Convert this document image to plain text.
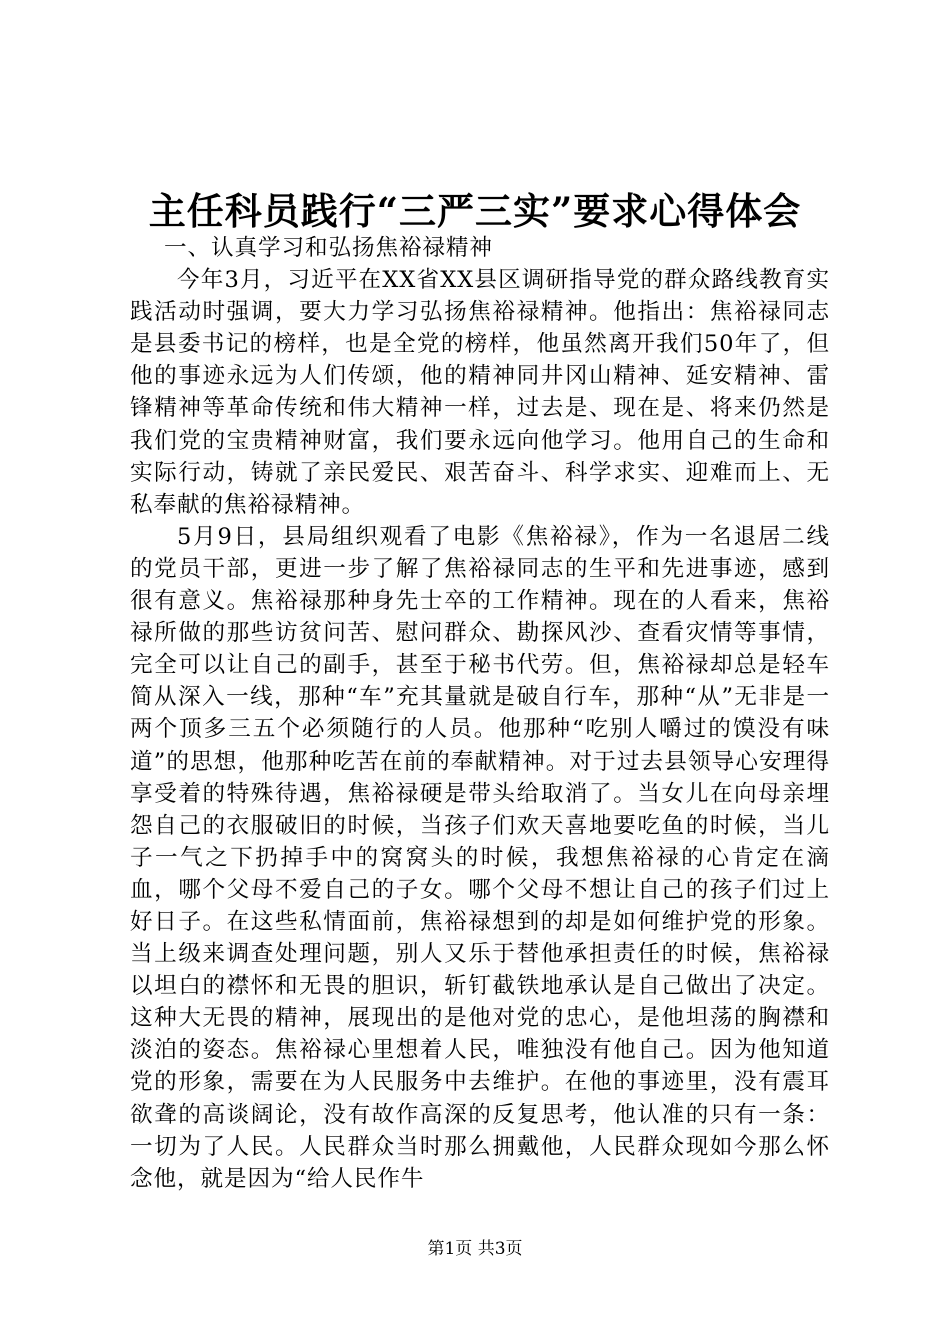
主任科员践行“三严三实”要求心得体会

一、认真学习和弘扬焦裕禄精神

今年3月，习近平在XX省XX县区调研指导党的群众路线教育实践活动时强调，要大力学习弘扬焦裕禄精神。他指出：焦裕禄同志是县委书记的榜样，也是全党的榜样，他虽然离开我们50年了，但他的事迹永远为人们传颂，他的精神同井冈山精神、延安精神、雷锋精神等革命传统和伟大精神一样，过去是、现在是、将来仍然是我们党的宝贵精神财富，我们要永远向他学习。他用自己的生命和实际行动，铸就了亲民爱民、艰苦奋斗、科学求实、迎难而上、无私奉献的焦裕禄精神。

5月9日，县局组织观看了电影《焦裕禄》，作为一名退居二线的党员干部，更进一步了解了焦裕禄同志的生平和先进事迹，感到很有意义。焦裕禄那种身先士卒的工作精神。现在的人看来，焦裕禄所做的那些访贫问苦、慰问群众、勘探风沙、查看灾情等事情，完全可以让自己的副手，甚至于秘书代劳。但，焦裕禄却总是轻车简从深入一线，那种“车”充其量就是破自行车，那种“从”无非是一两个顶多三五个必须随行的人员。他那种“吃别人嚼过的馍没有味道”的思想，他那种吃苦在前的奉献精神。对于过去县领导心安理得享受着的特殊待遇，焦裕禄硬是带头给取消了。当女儿在向母亲埋怨自己的衣服破旧的时候，当孩子们欢天喜地要吃鱼的时候，当儿子一气之下扔掉手中的窝窝头的时候，我想焦裕禄的心肯定在滴血，哪个父母不爱自己的子女。哪个父母不想让自己的孩子们过上好日子。在这些私情面前，焦裕禄想到的却是如何维护党的形象。当上级来调查处理问题，别人又乐于替他承担责任的时候，焦裕禄以坦白的襟怀和无畏的胆识，斩钉截铁地承认是自己做出了决定。这种大无畏的精神，展现出的是他对党的忠心，是他坦荡的胸襟和淡泊的姿态。焦裕禄心里想着人民，唯独没有他自己。因为他知道党的形象，需要在为人民服务中去维护。在他的事迹里，没有震耳欲聋的高谈阔论，没有故作高深的反复思考，他认准的只有一条：一切为了人民。人民群众当时那么拥戴他，人民群众现如今那么怀念他，就是因为“给人民作牛

第1页 共3页
